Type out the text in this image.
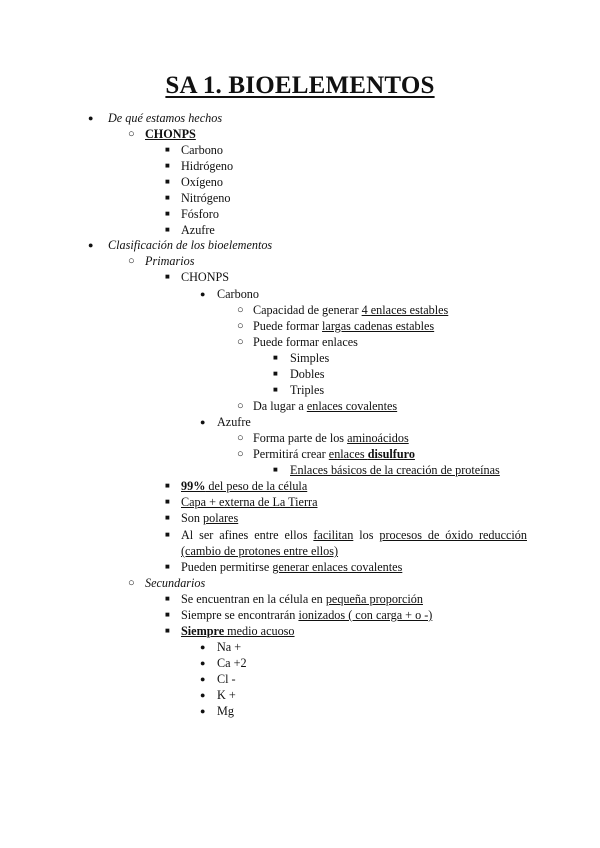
SA 1. BIOELEMENTOS
● De qué estamos hechos
○ CHONPS
■ Carbono
■ Hidrógeno
■ Oxígeno
■ Nitrógeno
■ Fósforo
■ Azufre
● Clasificación de los bioelementos
○ Primarios
■ CHONPS
● Carbono
○ Capacidad de generar 4 enlaces estables
○ Puede formar largas cadenas estables
○ Puede formar enlaces
■ Simples
■ Dobles
■ Triples
○ Da lugar a enlaces covalentes
● Azufre
○ Forma parte de los aminoácidos
○ Permitirá crear enlaces disulfuro
■ Enlaces básicos de la creación de proteínas
■ 99% del peso de la célula
■ Capa + externa de La Tierra
■ Son polares
■ Al ser afines entre ellos facilitan los procesos de óxido reducción
(cambio de protones entre ellos)
■ Pueden permitirse generar enlaces covalentes
○ Secundarios
■ Se encuentran en la célula en pequeña proporción
■ Siempre se encontrarán ionizados ( con carga + o -)
■ Siempre medio acuoso
● Na +
● Ca +2
● Cl -
● K +
● Mg
